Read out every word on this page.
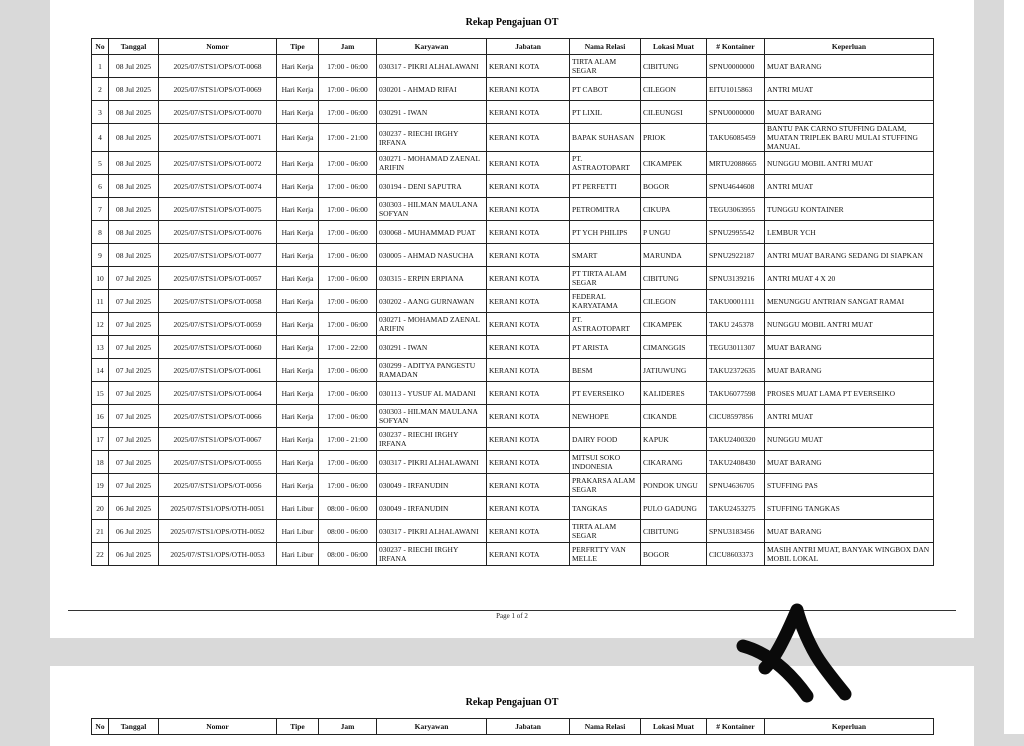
Rekap Pengajuan OT
No	Tanggal	Nomor	Tipe	Jam	Karyawan	Jabatan	Nama Relasi	Lokasi Muat	# Kontainer	Keperluan
1	08 Jul 2025	2025/07/STS1/OPS/OT-0068	Hari Kerja	17:00 - 06:00	030317 - PIKRI ALHALAWANI	KERANI KOTA	TIRTA ALAM SEGAR	CIBITUNG	SPNU0000000	MUAT BARANG
2	08 Jul 2025	2025/07/STS1/OPS/OT-0069	Hari Kerja	17:00 - 06:00	030201 - AHMAD RIFAI	KERANI KOTA	PT CABOT	CILEGON	EITU1015863	ANTRI MUAT
3	08 Jul 2025	2025/07/STS1/OPS/OT-0070	Hari Kerja	17:00 - 06:00	030291 - IWAN	KERANI KOTA	PT LIXIL	CILEUNGSI	SPNU0000000	MUAT BARANG
4	08 Jul 2025	2025/07/STS1/OPS/OT-0071	Hari Kerja	17:00 - 21:00	030237 - RIECHI IRGHY IRFANA	KERANI KOTA	BAPAK SUHASAN	PRIOK	TAKU6085459	BANTU PAK CARNO STUFFING DALAM, MUATAN TRIPLEK BARU MULAI STUFFING MANUAL
5	08 Jul 2025	2025/07/STS1/OPS/OT-0072	Hari Kerja	17:00 - 06:00	030271 - MOHAMAD ZAENAL ARIFIN	KERANI KOTA	PT. ASTRAOTOPART	CIKAMPEK	MRTU2088665	NUNGGU MOBIL ANTRI MUAT
6	08 Jul 2025	2025/07/STS1/OPS/OT-0074	Hari Kerja	17:00 - 06:00	030194 - DENI SAPUTRA	KERANI KOTA	PT PERFETTI	BOGOR	SPNU4644608	ANTRI MUAT
7	08 Jul 2025	2025/07/STS1/OPS/OT-0075	Hari Kerja	17:00 - 06:00	030303 - HILMAN MAULANA SOFYAN	KERANI KOTA	PETROMITRA	CIKUPA	TEGU3063955	TUNGGU KONTAINER
8	08 Jul 2025	2025/07/STS1/OPS/OT-0076	Hari Kerja	17:00 - 06:00	030068 - MUHAMMAD PUAT	KERANI KOTA	PT YCH PHILIPS	P UNGU	SPNU2995542	LEMBUR YCH
9	08 Jul 2025	2025/07/STS1/OPS/OT-0077	Hari Kerja	17:00 - 06:00	030005 - AHMAD NASUCHA	KERANI KOTA	SMART	MARUNDA	SPNU2922187	ANTRI MUAT BARANG SEDANG DI SIAPKAN
10	07 Jul 2025	2025/07/STS1/OPS/OT-0057	Hari Kerja	17:00 - 06:00	030315 - ERPIN ERPIANA	KERANI KOTA	PT TIRTA ALAM SEGAR	CIBITUNG	SPNU3139216	ANTRI MUAT 4 X 20
11	07 Jul 2025	2025/07/STS1/OPS/OT-0058	Hari Kerja	17:00 - 06:00	030202 - AANG GURNAWAN	KERANI KOTA	FEDERAL KARYATAMA	CILEGON	TAKU0001111	MENUNGGU ANTRIAN SANGAT RAMAI
12	07 Jul 2025	2025/07/STS1/OPS/OT-0059	Hari Kerja	17:00 - 06:00	030271 - MOHAMAD ZAENAL ARIFIN	KERANI KOTA	PT. ASTRAOTOPART	CIKAMPEK	TAKU 245378	NUNGGU MOBIL ANTRI MUAT
13	07 Jul 2025	2025/07/STS1/OPS/OT-0060	Hari Kerja	17:00 - 22:00	030291 - IWAN	KERANI KOTA	PT ARISTA	CIMANGGIS	TEGU3011307	MUAT BARANG
14	07 Jul 2025	2025/07/STS1/OPS/OT-0061	Hari Kerja	17:00 - 06:00	030299 - ADITYA PANGESTU RAMADAN	KERANI KOTA	BESM	JATIUWUNG	TAKU2372635	MUAT BARANG
15	07 Jul 2025	2025/07/STS1/OPS/OT-0064	Hari Kerja	17:00 - 06:00	030113 - YUSUF AL MADANI	KERANI KOTA	PT EVERSEIKO	KALIDERES	TAKU6077598	PROSES MUAT LAMA PT EVERSEIKO
16	07 Jul 2025	2025/07/STS1/OPS/OT-0066	Hari Kerja	17:00 - 06:00	030303 - HILMAN MAULANA SOFYAN	KERANI KOTA	NEWHOPE	CIKANDE	CICU8597856	ANTRI MUAT
17	07 Jul 2025	2025/07/STS1/OPS/OT-0067	Hari Kerja	17:00 - 21:00	030237 - RIECHI IRGHY IRFANA	KERANI KOTA	DAIRY FOOD	KAPUK	TAKU2400320	NUNGGU MUAT
18	07 Jul 2025	2025/07/STS1/OPS/OT-0055	Hari Kerja	17:00 - 06:00	030317 - PIKRI ALHALAWANI	KERANI KOTA	MITSUI SOKO INDONESIA	CIKARANG	TAKU2408430	MUAT BARANG
19	07 Jul 2025	2025/07/STS1/OPS/OT-0056	Hari Kerja	17:00 - 06:00	030049 - IRFANUDIN	KERANI KOTA	PRAKARSA ALAM SEGAR	PONDOK UNGU	SPNU4636705	STUFFING PAS
20	06 Jul 2025	2025/07/STS1/OPS/OTH-0051	Hari Libur	08:00 - 06:00	030049 - IRFANUDIN	KERANI KOTA	TANGKAS	PULO GADUNG	TAKU2453275	STUFFING TANGKAS
21	06 Jul 2025	2025/07/STS1/OPS/OTH-0052	Hari Libur	08:00 - 06:00	030317 - PIKRI ALHALAWANI	KERANI KOTA	TIRTA ALAM SEGAR	CIBITUNG	SPNU3183456	MUAT BARANG
22	06 Jul 2025	2025/07/STS1/OPS/OTH-0053	Hari Libur	08:00 - 06:00	030237 - RIECHI IRGHY IRFANA	KERANI KOTA	PERFRTTY VAN MELLE	BOGOR	CICU8603373	MASIH ANTRI MUAT, BANYAK WINGBOX DAN MOBIL LOKAL
Page 1 of 2
Rekap Pengajuan OT
No	Tanggal	Nomor	Tipe	Jam	Karyawan	Jabatan	Nama Relasi	Lokasi Muat	# Kontainer	Keperluan
